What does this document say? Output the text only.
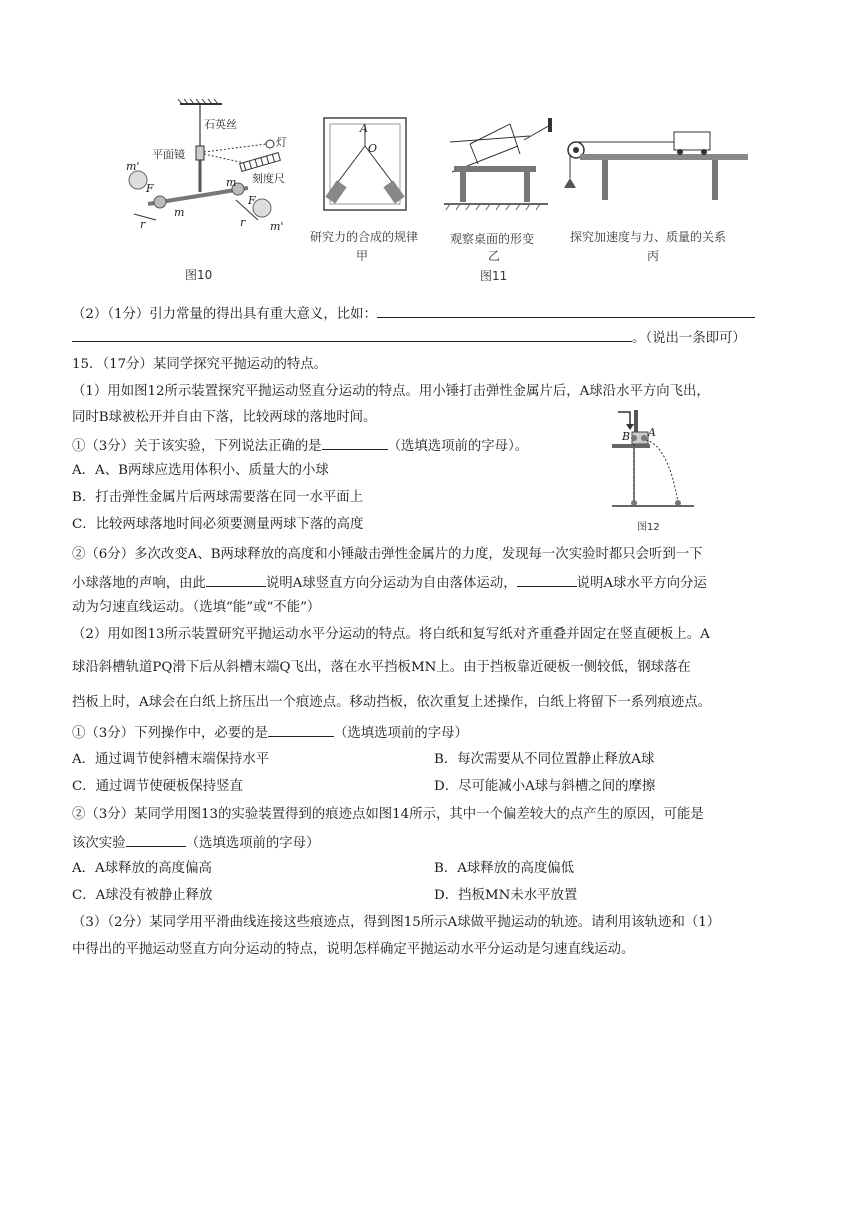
石英丝
平面镜
灯
刻度尺
m'
m'
m
m
F
F
r	r
图10
A
O
研究力的合成的规律
甲
观察桌面的形变
乙
图11
探究加速度与力、质量的关系
丙
（2）（1分）引力常量的得出具有重大意义，比如：
。（说出一条即可）
15．（17分）某同学探究平抛运动的特点。
（1）用如图12所示装置探究平抛运动竖直分运动的特点。用小锤打击弹性金属片后，A球沿水平方向飞出，
同时B球被松开并自由下落，比较两球的落地时间。
①（3分）关于该实验，下列说法正确的是	（选填选项前的字母）。
A．A、B两球应选用体积小、质量大的小球
B．打击弹性金属片后两球需要落在同一水平面上
C．比较两球落地时间必须要测量两球下落的高度
B A
图12
②（6分）多次改变A、B两球释放的高度和小锤敲击弹性金属片的力度，发现每一次实验时都只会听到一下
小球落地的声响，由此	说明A球竖直方向分运动为自由落体运动，	说明A球水平方向分运
动为匀速直线运动。（选填“能”或“不能”）
（2）用如图13所示装置研究平抛运动水平分运动的特点。将白纸和复写纸对齐重叠并固定在竖直硬板上。A
球沿斜槽轨道PQ滑下后从斜槽末端Q飞出，落在水平挡板MN上。由于挡板靠近硬板一侧较低，钢球落在
挡板上时，A球会在白纸上挤压出一个痕迹点。移动挡板，依次重复上述操作，白纸上将留下一系列痕迹点。
①（3分）下列操作中，必要的是	（选填选项前的字母）
A．通过调节使斜槽末端保持水平	B．每次需要从不同位置静止释放A球
C．通过调节使硬板保持竖直	D．尽可能减小A球与斜槽之间的摩擦
②（3分）某同学用图13的实验装置得到的痕迹点如图14所示，其中一个偏差较大的点产生的原因，可能是
该次实验	（选填选项前的字母）
A．A球释放的高度偏高	B．A球释放的高度偏低
C．A球没有被静止释放	D．挡板MN未水平放置
（3）（2分）某同学用平滑曲线连接这些痕迹点，得到图15所示A球做平抛运动的轨迹。请利用该轨迹和（1）
中得出的平抛运动竖直方向分运动的特点，说明怎样确定平抛运动水平分运动是匀速直线运动。
